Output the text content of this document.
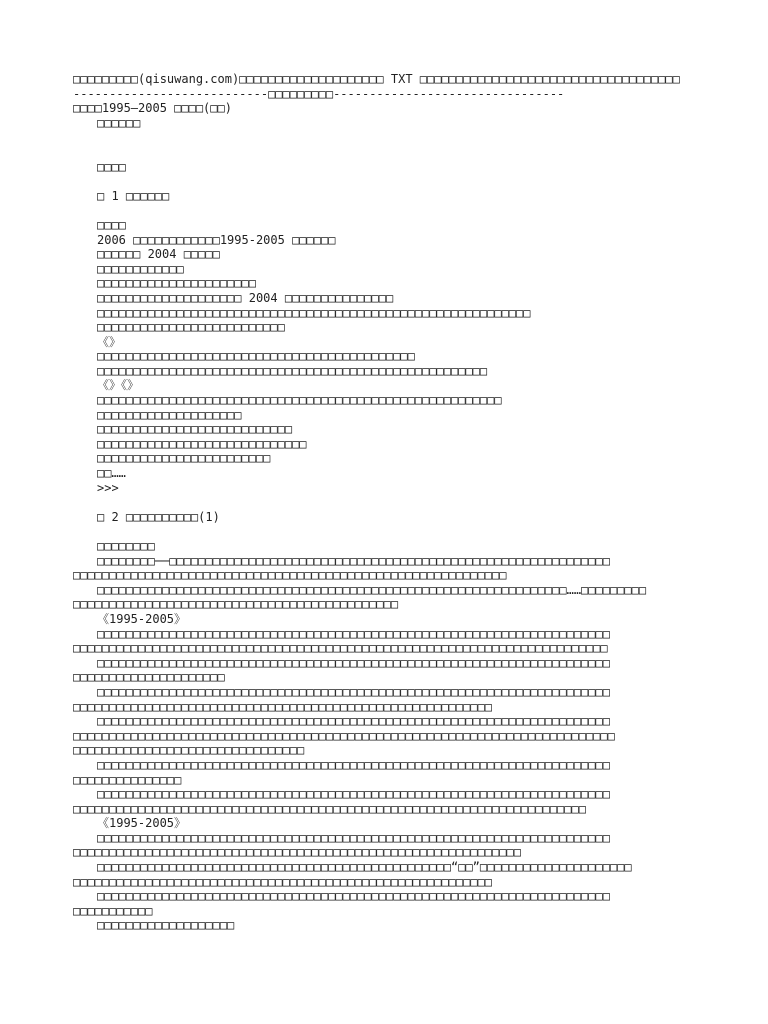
□□□□□□□□□(qisuwang.com)□□□□□□□□□□□□□□□□□□□□ TXT □□□□□□□□□□□□□□□□□□□□□□□□□□□□□□□□□□□□
---------------------------□□□□□□□□□--------------------------------
□□□□1995—2005 □□□□(□□)
□□□□□□
□□□□
□ 1 □□□□□□
□□□□
2006 □□□□□□□□□□□□1995-2005 □□□□□□
□□□□□□ 2004 □□□□□
□□□□□□□□□□□□
□□□□□□□□□□□□□□□□□□□□□□
□□□□□□□□□□□□□□□□□□□□ 2004 □□□□□□□□□□□□□□□
□□□□□□□□□□□□□□□□□□□□□□□□□□□□□□□□□□□□□□□□□□□□□□□□□□□□□□□□□□□□
□□□□□□□□□□□□□□□□□□□□□□□□□□
《》
□□□□□□□□□□□□□□□□□□□□□□□□□□□□□□□□□□□□□□□□□□□□
□□□□□□□□□□□□□□□□□□□□□□□□□□□□□□□□□□□□□□□□□□□□□□□□□□□□□□
《》《》
□□□□□□□□□□□□□□□□□□□□□□□□□□□□□□□□□□□□□□□□□□□□□□□□□□□□□□□□
□□□□□□□□□□□□□□□□□□□□
□□□□□□□□□□□□□□□□□□□□□□□□□□□
□□□□□□□□□□□□□□□□□□□□□□□□□□□□□
□□□□□□□□□□□□□□□□□□□□□□□□
□□……
>>>
□ 2 □□□□□□□□□□(1)
□□□□□□□□
□□□□□□□□──□□□□□□□□□□□□□□□□□□□□□□□□□□□□□□□□□□□□□□□□□□□□□□□□□□□□□□□□□□□□□
□□□□□□□□□□□□□□□□□□□□□□□□□□□□□□□□□□□□□□□□□□□□□□□□□□□□□□□□□□□□
□□□□□□□□□□□□□□□□□□□□□□□□□□□□□□□□□□□□□□□□□□□□□□□□□□□□□□□□□□□□□□□□□……□□□□□□□□□
□□□□□□□□□□□□□□□□□□□□□□□□□□□□□□□□□□□□□□□□□□□□□
《1995-2005》
□□□□□□□□□□□□□□□□□□□□□□□□□□□□□□□□□□□□□□□□□□□□□□□□□□□□□□□□□□□□□□□□□□□□□□□
□□□□□□□□□□□□□□□□□□□□□□□□□□□□□□□□□□□□□□□□□□□□□□□□□□□□□□□□□□□□□□□□□□□□□□□□□□
□□□□□□□□□□□□□□□□□□□□□□□□□□□□□□□□□□□□□□□□□□□□□□□□□□□□□□□□□□□□□□□□□□□□□□□
□□□□□□□□□□□□□□□□□□□□□
□□□□□□□□□□□□□□□□□□□□□□□□□□□□□□□□□□□□□□□□□□□□□□□□□□□□□□□□□□□□□□□□□□□□□□□
□□□□□□□□□□□□□□□□□□□□□□□□□□□□□□□□□□□□□□□□□□□□□□□□□□□□□□□□□□
□□□□□□□□□□□□□□□□□□□□□□□□□□□□□□□□□□□□□□□□□□□□□□□□□□□□□□□□□□□□□□□□□□□□□□□
□□□□□□□□□□□□□□□□□□□□□□□□□□□□□□□□□□□□□□□□□□□□□□□□□□□□□□□□□□□□□□□□□□□□□□□□□□□
□□□□□□□□□□□□□□□□□□□□□□□□□□□□□□□□
□□□□□□□□□□□□□□□□□□□□□□□□□□□□□□□□□□□□□□□□□□□□□□□□□□□□□□□□□□□□□□□□□□□□□□□
□□□□□□□□□□□□□□□
□□□□□□□□□□□□□□□□□□□□□□□□□□□□□□□□□□□□□□□□□□□□□□□□□□□□□□□□□□□□□□□□□□□□□□□
□□□□□□□□□□□□□□□□□□□□□□□□□□□□□□□□□□□□□□□□□□□□□□□□□□□□□□□□□□□□□□□□□□□□□□□
《1995-2005》
□□□□□□□□□□□□□□□□□□□□□□□□□□□□□□□□□□□□□□□□□□□□□□□□□□□□□□□□□□□□□□□□□□□□□□□
□□□□□□□□□□□□□□□□□□□□□□□□□□□□□□□□□□□□□□□□□□□□□□□□□□□□□□□□□□□□□□
□□□□□□□□□□□□□□□□□□□□□□□□□□□□□□□□□□□□□□□□□□□□□□□□□“□□”□□□□□□□□□□□□□□□□□□□□□
□□□□□□□□□□□□□□□□□□□□□□□□□□□□□□□□□□□□□□□□□□□□□□□□□□□□□□□□□□
□□□□□□□□□□□□□□□□□□□□□□□□□□□□□□□□□□□□□□□□□□□□□□□□□□□□□□□□□□□□□□□□□□□□□□□
□□□□□□□□□□□
□□□□□□□□□□□□□□□□□□□
